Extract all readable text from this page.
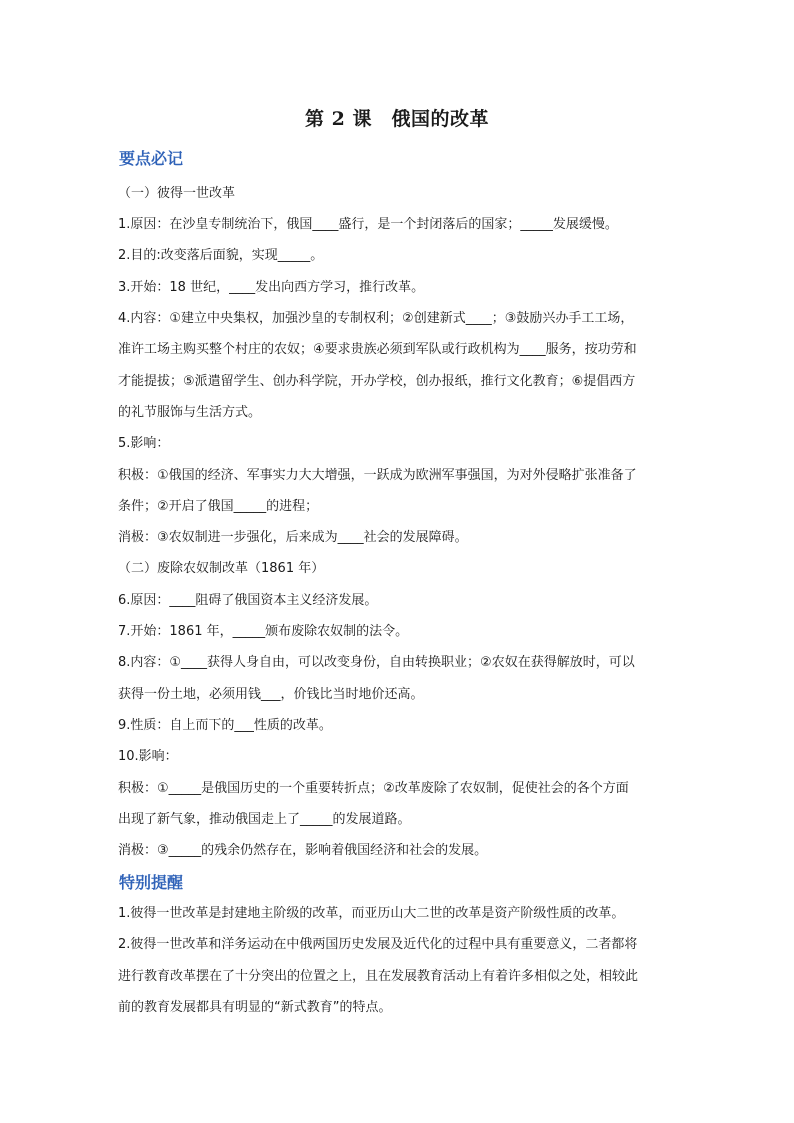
第 2 课　俄国的改革
要点必记
（一）彼得一世改革
1.原因：在沙皇专制统治下，俄国____盛行，是一个封闭落后的国家；_____发展缓慢。
2.目的:改变落后面貌，实现_____。
3.开始：18 世纪，____发出向西方学习，推行改革。
4.内容：①建立中央集权，加强沙皇的专制权利；②创建新式____；③鼓励兴办手工工场，
准许工场主购买整个村庄的农奴；④要求贵族必须到军队或行政机构为____服务，按功劳和
才能提拔；⑤派遣留学生、创办科学院，开办学校，创办报纸，推行文化教育；⑥提倡西方
的礼节服饰与生活方式。
5.影响：
积极：①俄国的经济、军事实力大大增强，一跃成为欧洲军事强国，为对外侵略扩张准备了
条件；②开启了俄国_____的进程；
消极：③农奴制进一步强化，后来成为____社会的发展障碍。
（二）废除农奴制改革（1861 年）
6.原因：____阻碍了俄国资本主义经济发展。
7.开始：1861 年，_____颁布废除农奴制的法令。
8.内容：①____获得人身自由，可以改变身份，自由转换职业；②农奴在获得解放时，可以
获得一份土地，必须用钱___，价钱比当时地价还高。
9.性质：自上而下的___性质的改革。
10.影响：
积极：①_____是俄国历史的一个重要转折点；②改革废除了农奴制，促使社会的各个方面
出现了新气象，推动俄国走上了_____的发展道路。
消极：③_____的残余仍然存在，影响着俄国经济和社会的发展。
特别提醒
1.彼得一世改革是封建地主阶级的改革，而亚历山大二世的改革是资产阶级性质的改革。
2.彼得一世改革和洋务运动在中俄两国历史发展及近代化的过程中具有重要意义，二者都将
进行教育改革摆在了十分突出的位置之上，且在发展教育活动上有着许多相似之处，相较此
前的教育发展都具有明显的“新式教育”的特点。
